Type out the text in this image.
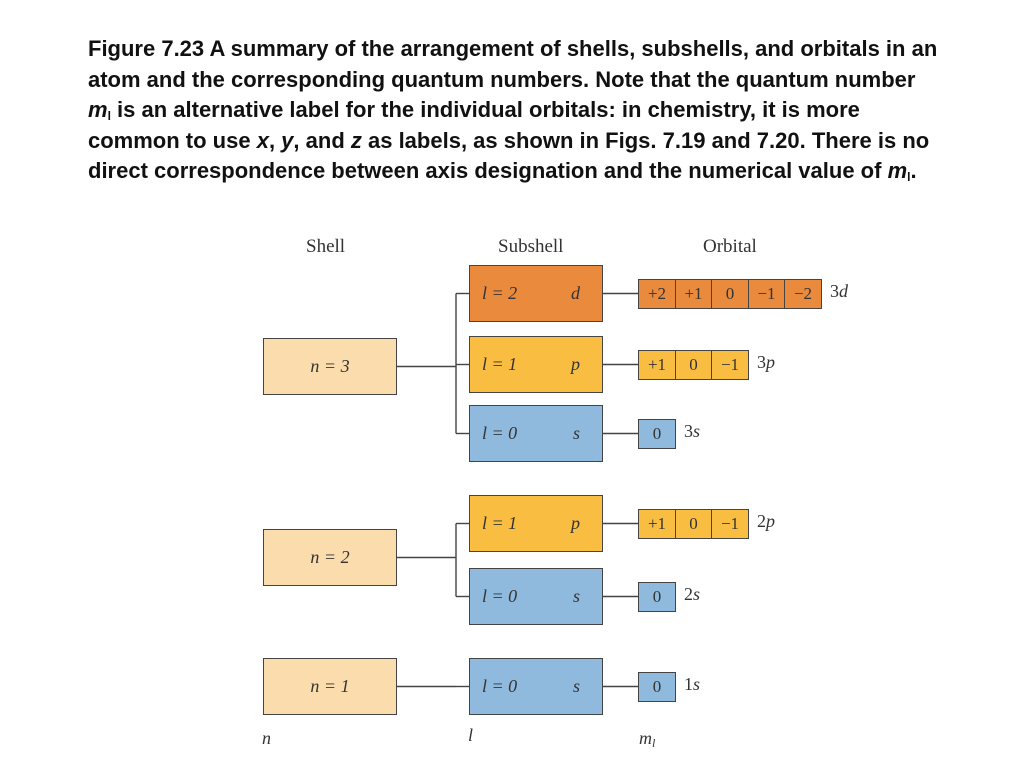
Figure 7.23 A summary of the arrangement of shells, subshells, and orbitals in an atom and the corresponding quantum numbers. Note that the quantum number $m_l$ is an alternative label for the individual orbitals: in chemistry, it is more common to use x, y, and z as labels, as shown in Figs. 7.19 and 7.20. There is no direct correspondence between axis designation and the numerical value of $m_l$.

Shell	Subshell	Orbital
n = 3
l = 2	d	+2	+1	0	−1	−2 3d
l = 1	p	+1	0	−1 3p
l = 0	s	0	3s
n = 2
l = 1	p	+1	0	−1 2p
l = 0	s	0	2s
n = 1	l = 0	s	0	1s
n	l	m l
